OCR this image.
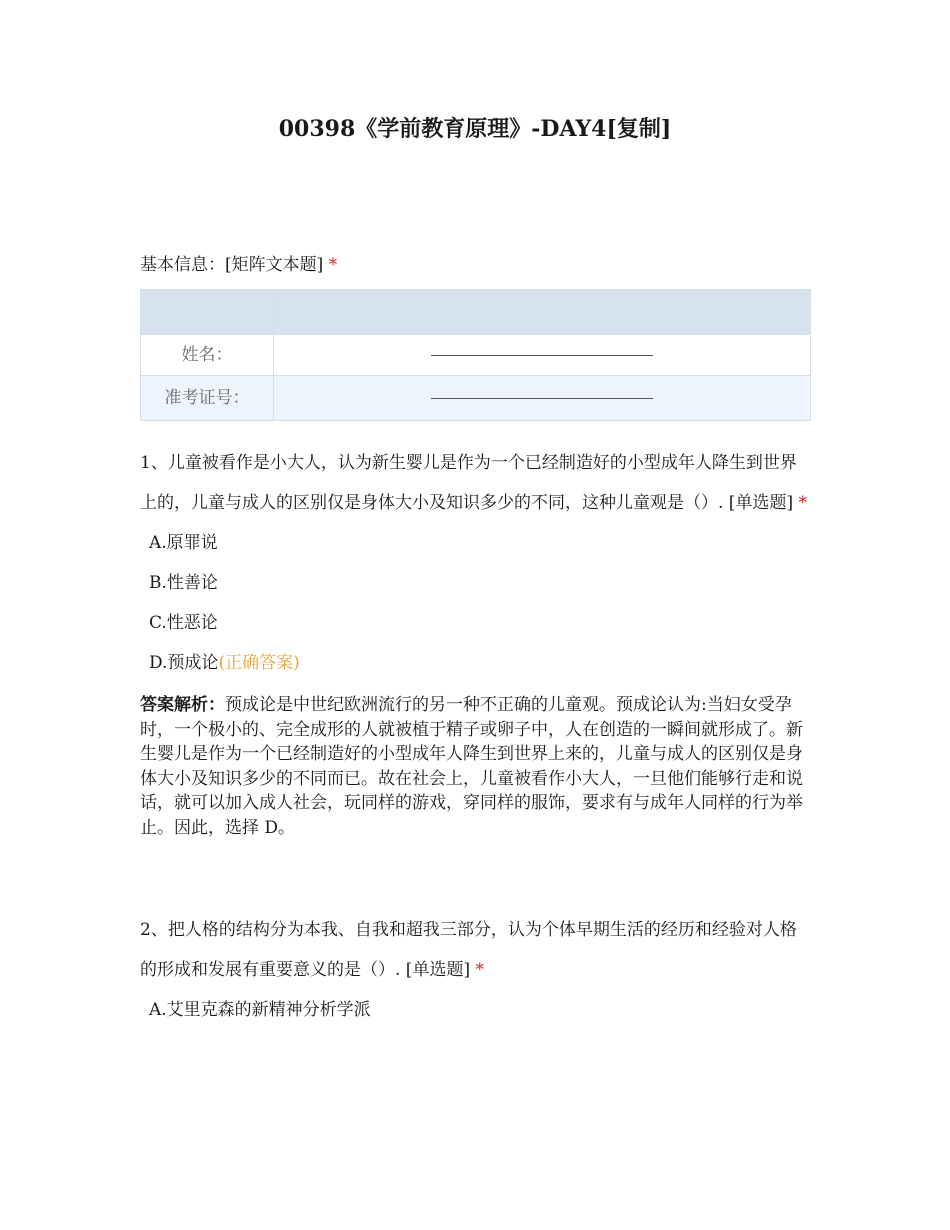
00398《学前教育原理》-DAY4[复制]
基本信息：[矩阵文本题] *

姓名：	
准考证号：	

1、儿童被看作是小大人，认为新生婴儿是作为一个已经制造好的小型成年人降生到世界上的，儿童与成人的区别仅是身体大小及知识多少的不同，这种儿童观是（）. [单选题] *

A.原罪说
B.性善论
C.性恶论
D.预成论(正确答案)
答案解析：预成论是中世纪欧洲流行的另一种不正确的儿童观。预成论认为:当妇女受孕时，一个极小的、完全成形的人就被植于精子或卵子中，人在创造的一瞬间就形成了。新生婴儿是作为一个已经制造好的小型成年人降生到世界上来的，儿童与成人的区别仅是身体大小及知识多少的不同而已。故在社会上，儿童被看作小大人，一旦他们能够行走和说话，就可以加入成人社会，玩同样的游戏，穿同样的服饰，要求有与成年人同样的行为举止。因此，选择 D。

2、把人格的结构分为本我、自我和超我三部分，认为个体早期生活的经历和经验对人格的形成和发展有重要意义的是（）. [单选题] *

A.艾里克森的新精神分析学派
